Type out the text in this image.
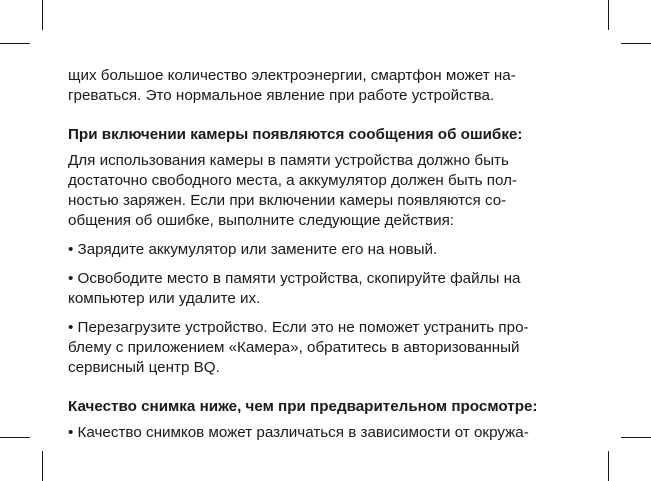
щих большое количество электроэнергии, смартфон может на-
греваться. Это нормальное явление при работе устройства.

При включении камеры появляются сообщения об ошибке:

Для использования камеры в памяти устройства должно быть
достаточно свободного места, а аккумулятор должен быть пол-
ностью заряжен. Если при включении камеры появляются со-
общения об ошибке, выполните следующие действия:

• Зарядите аккумулятор или замените его на новый.

• Освободите место в памяти устройства, скопируйте файлы на
компьютер или удалите их.

• Перезагрузите устройство. Если это не поможет устранить про-
блему с приложением «Камера», обратитесь в авторизованный
сервисный центр BQ.

Качество снимка ниже, чем при предварительном просмотре:

• Качество снимков может различаться в зависимости от окружа-
